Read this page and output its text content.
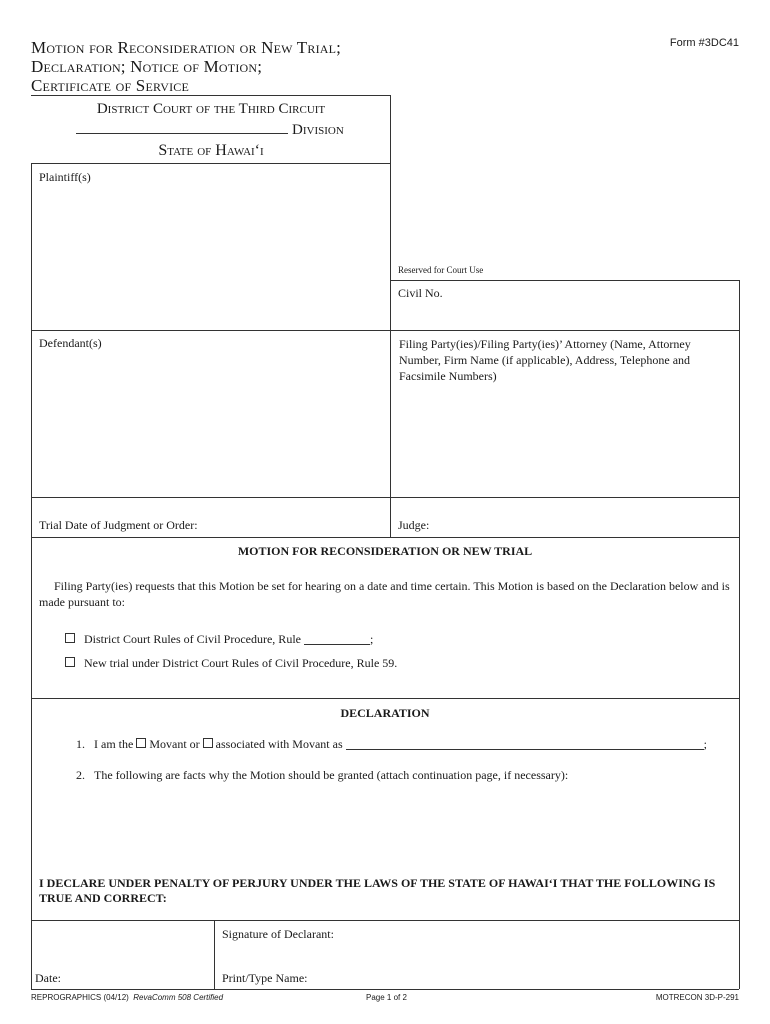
Form #3DC41
Motion for Reconsideration or New Trial;
Declaration; Notice of Motion;
Certificate of Service
District Court of the Third Circuit
Division
State of Hawai‘i
Plaintiff(s)
Reserved for Court Use
Civil No.
Defendant(s)	Filing Party(ies)/Filing Party(ies)’ Attorney (Name, Attorney Number, Firm Name (if applicable), Address, Telephone and Facsimile Numbers)
Trial Date of Judgment or Order:	Judge:
MOTION FOR RECONSIDERATION OR NEW TRIAL
Filing Party(ies) requests that this Motion be set for hearing on a date and time certain. This Motion is based on the Declaration below and is made pursuant to:
District Court Rules of Civil Procedure, Rule	;
New trial under District Court Rules of Civil Procedure, Rule 59.
DECLARATION
1. I am the Movant or associated with Movant as	;
2. The following are facts why the Motion should be granted (attach continuation page, if necessary):
I DECLARE UNDER PENALTY OF PERJURY UNDER THE LAWS OF THE STATE OF HAWAI‘I THAT THE FOLLOWING IS TRUE AND CORRECT:
Signature of Declarant:
Date:	Print/Type Name:
REPROGRAPHICS (04/12) RevaComm 508 Certified	Page 1 of 2	MOTRECON 3D-P-291
